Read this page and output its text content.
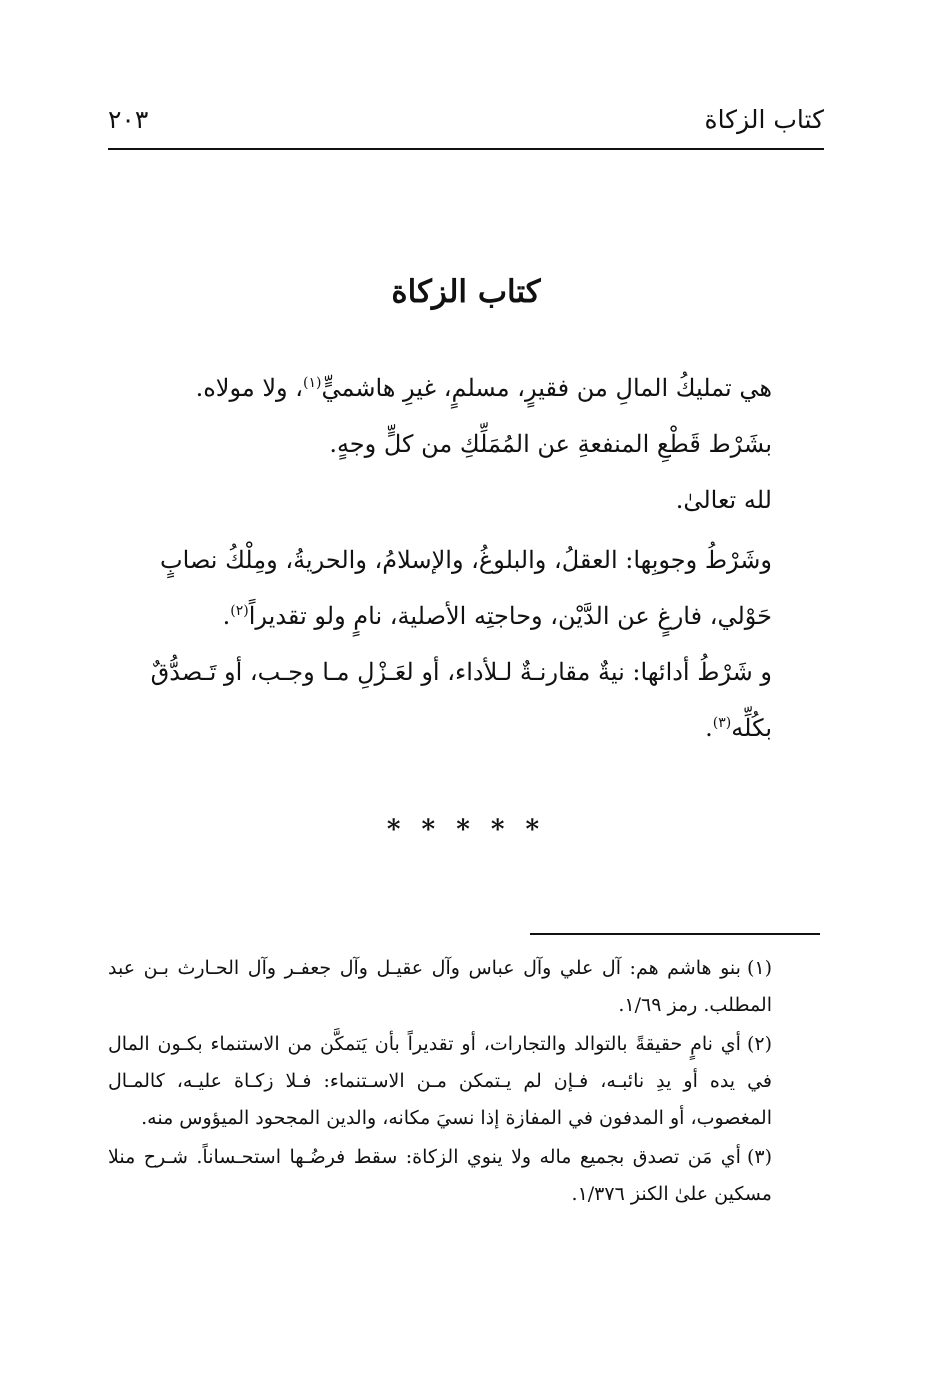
كتاب الزكاة
٢٠٣
كتاب الزكاة

هي تمليكُ المالِ من فقيرٍ، مسلمٍ، غيرِ هاشميٍّ$^{(١)}$، ولا مولاه.

بشَرْط قَطْعِ المنفعةِ عن المُمَلِّكِ من كلٍّ وجهٍ.

لله تعالىٰ.

وشَرْطُ وجوبِها: العقلُ، والبلوغُ، والإسلامُ، والحريةُ، ومِلْكُ نصابٍ حَوْلي، فارغٍ عن الدَّيْن، وحاجتِه الأصلية، نامٍ ولو تقديراً$^{(٢)}$.

و شَرْطُ أدائها: نيةٌ مقارنـةٌ لـلأداء، أو لعَـزْلِ مـا وجـب، أو تَـصدُّقٌ بكُلِّه$^{(٣)}$.

* * * * *

(١)بنو هاشم هم: آل علي وآل عباس وآل عقيـل وآل جعفـر وآل الحـارث بـن عبد المطلب. رمز ١/٦٩.

(٢)أي نامٍ حقيقةً بالتوالد والتجارات، أو تقديراً بأن يَتمكَّن من الاستنماء بكـون المال في يده أو يدِ نائبـه، فـإن لم يـتمكن مـن الاسـتنماء: فـلا زكـاة عليـه، كالمـال المغصوب، أو المدفون في المفازة إذا نسيَ مكانه، والدين المجحود الميؤوس منه.

(٣)أي مَن تصدق بجميع ماله ولا ينوي الزكاة: سقط فرضُـها استحـساناً. شـرح منلا مسكين علىٰ الكنز ١/٣٧٦.
